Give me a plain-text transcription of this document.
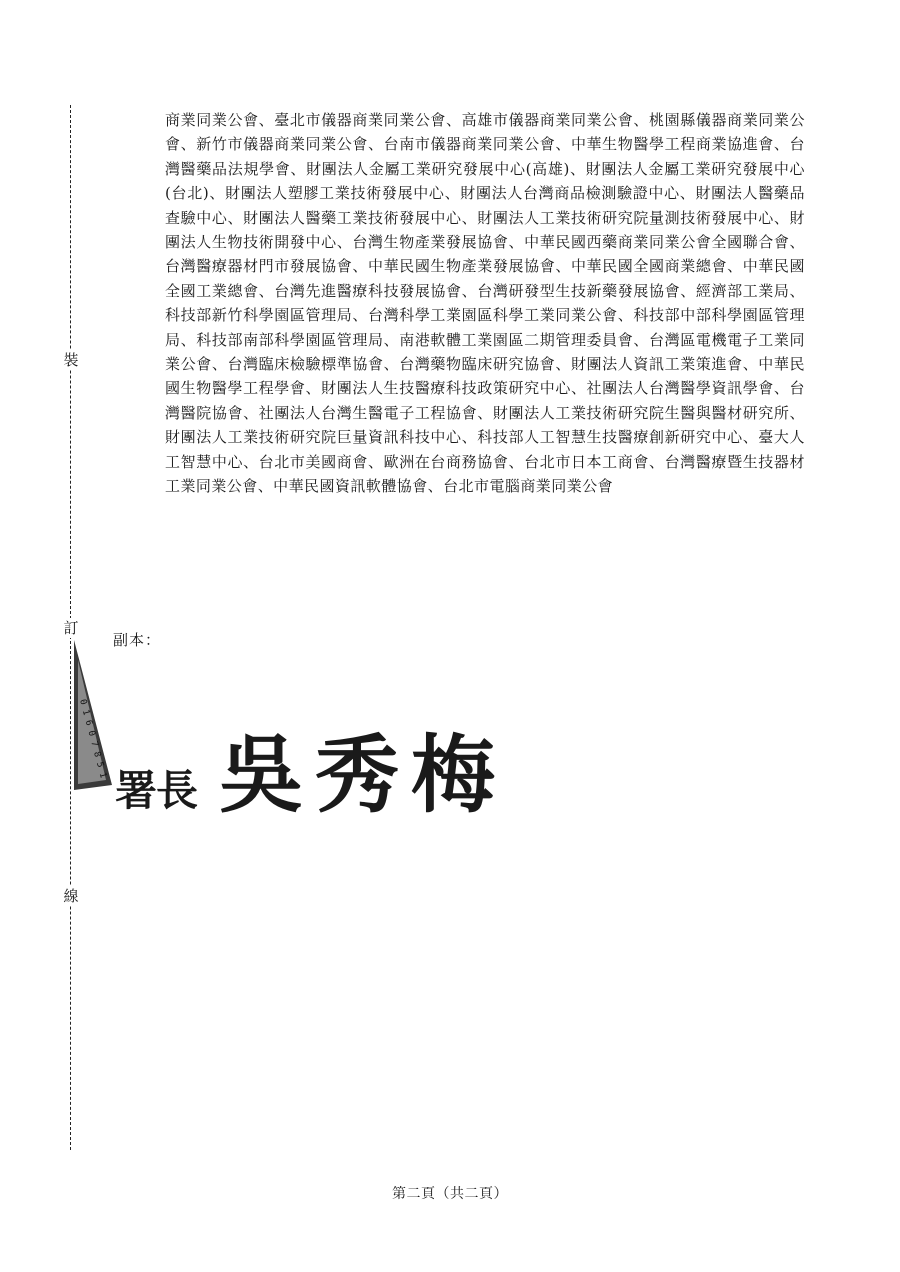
裝
訂
線

商業同業公會、臺北市儀器商業同業公會、高雄市儀器商業同業公會、桃園縣儀器商業同業公會、新竹市儀器商業同業公會、台南市儀器商業同業公會、中華生物醫學工程商業協進會、台灣醫藥品法規學會、財團法人金屬工業研究發展中心(高雄)、財團法人金屬工業研究發展中心(台北)、財團法人塑膠工業技術發展中心、財團法人台灣商品檢測驗證中心、財團法人醫藥品查驗中心、財團法人醫藥工業技術發展中心、財團法人工業技術研究院量測技術發展中心、財團法人生物技術開發中心、台灣生物產業發展協會、中華民國西藥商業同業公會全國聯合會、台灣醫療器材門市發展協會、中華民國生物產業發展協會、中華民國全國商業總會、中華民國全國工業總會、台灣先進醫療科技發展協會、台灣研發型生技新藥發展協會、經濟部工業局、科技部新竹科學園區管理局、台灣科學工業園區科學工業同業公會、科技部中部科學園區管理局、科技部南部科學園區管理局、南港軟體工業園區二期管理委員會、台灣區電機電子工業同業公會、台灣臨床檢驗標準協會、台灣藥物臨床研究協會、財團法人資訊工業策進會、中華民國生物醫學工程學會、財團法人生技醫療科技政策研究中心、社團法人台灣醫學資訊學會、台灣醫院協會、社團法人台灣生醫電子工程協會、財團法人工業技術研究院生醫與醫材研究所、財團法人工業技術研究院巨量資訊科技中心、科技部人工智慧生技醫療創新研究中心、臺大人工智慧中心、台北市美國商會、歐洲在台商務協會、台北市日本工商會、台灣醫療暨生技器材工業同業公會、中華民國資訊軟體協會、台北市電腦商業同業公會

副本：
0 1 6 0 7 8 5 1
署長 吳秀梅
第二頁（共二頁）
